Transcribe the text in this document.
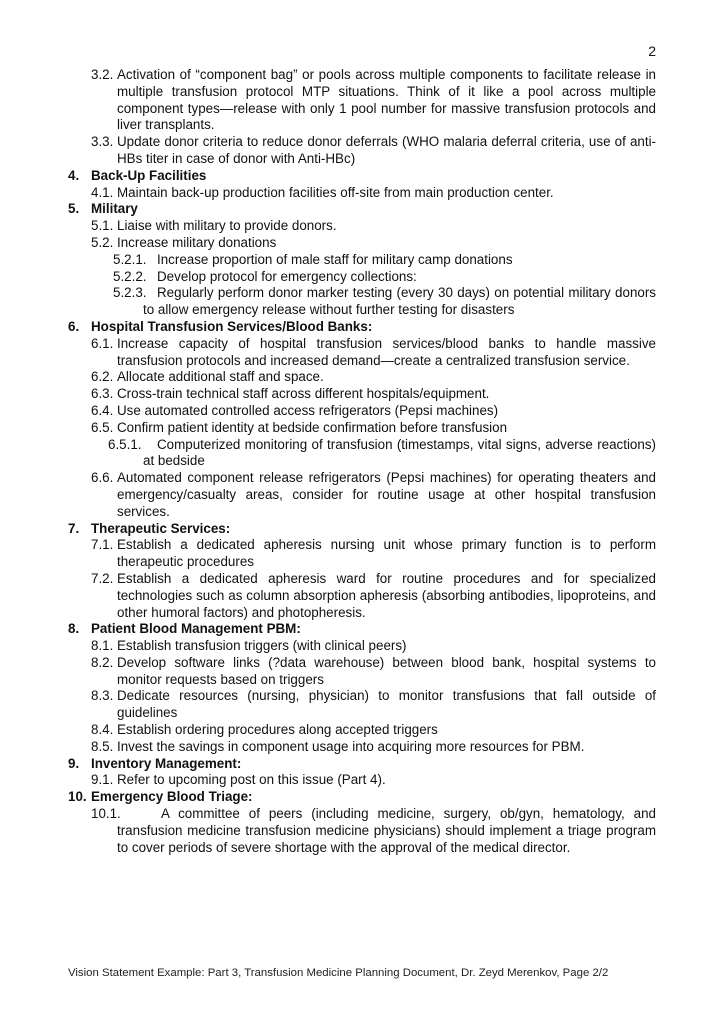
2
3.2. Activation of “component bag” or pools across multiple components to facilitate release in multiple transfusion protocol MTP situations. Think of it like a pool across multiple component types—release with only 1 pool number for massive transfusion protocols and liver transplants.
3.3. Update donor criteria to reduce donor deferrals (WHO malaria deferral criteria, use of anti-HBs titer in case of donor with Anti-HBc)
4. Back-Up Facilities
4.1. Maintain back-up production facilities off-site from main production center.
5. Military
5.1. Liaise with military to provide donors.
5.2. Increase military donations
5.2.1. Increase proportion of male staff for military camp donations
5.2.2. Develop protocol for emergency collections:
5.2.3. Regularly perform donor marker testing (every 30 days) on potential military donors to allow emergency release without further testing for disasters
6. Hospital Transfusion Services/Blood Banks:
6.1. Increase capacity of hospital transfusion services/blood banks to handle massive transfusion protocols and increased demand—create a centralized transfusion service.
6.2. Allocate additional staff and space.
6.3. Cross-train technical staff across different hospitals/equipment.
6.4. Use automated controlled access refrigerators (Pepsi machines)
6.5. Confirm patient identity at bedside confirmation before transfusion
6.5.1. Computerized monitoring of transfusion (timestamps, vital signs, adverse reactions) at bedside
6.6. Automated component release refrigerators (Pepsi machines) for operating theaters and emergency/casualty areas, consider for routine usage at other hospital transfusion services.
7. Therapeutic Services:
7.1. Establish a dedicated apheresis nursing unit whose primary function is to perform therapeutic procedures
7.2. Establish a dedicated apheresis ward for routine procedures and for specialized technologies such as column absorption apheresis (absorbing antibodies, lipoproteins, and other humoral factors) and photopheresis.
8. Patient Blood Management PBM:
8.1. Establish transfusion triggers (with clinical peers)
8.2. Develop software links (?data warehouse) between blood bank, hospital systems to monitor requests based on triggers
8.3. Dedicate resources (nursing, physician) to monitor transfusions that fall outside of guidelines
8.4. Establish ordering procedures along accepted triggers
8.5. Invest the savings in component usage into acquiring more resources for PBM.
9. Inventory Management:
9.1. Refer to upcoming post on this issue (Part 4).
10. Emergency Blood Triage:
10.1.	A committee of peers (including medicine, surgery, ob/gyn, hematology, and transfusion medicine transfusion medicine physicians) should implement a triage program to cover periods of severe shortage with the approval of the medical director.
Vision Statement Example: Part 3, Transfusion Medicine Planning Document, Dr. Zeyd Merenkov, Page 2/2
